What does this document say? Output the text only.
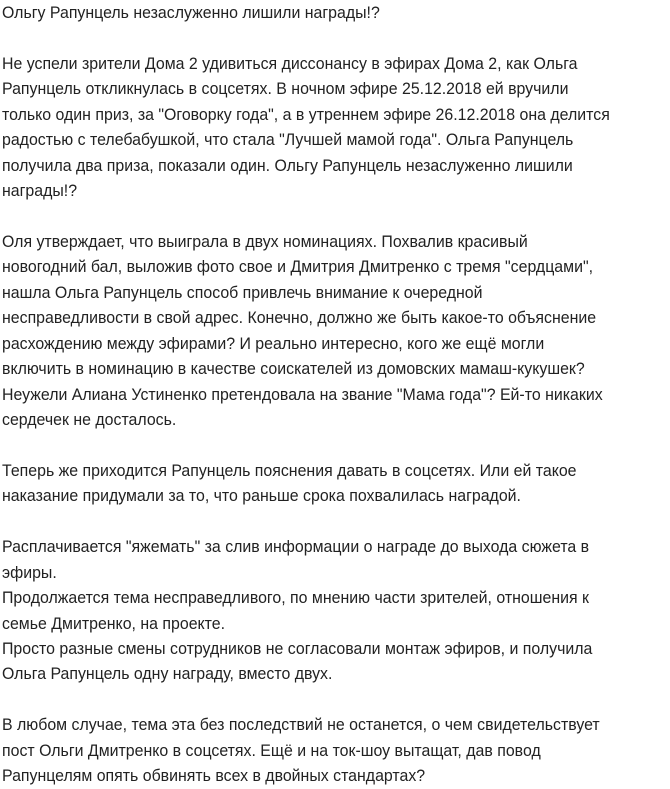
Ольгу Рапунцель незаслуженно лишили награды!?

Не успели зрители Дома 2 удивиться диссонансу в эфирах Дома 2, как Ольга
Рапунцель откликнулась в соцсетях. В ночном эфире 25.12.2018 ей вручили
только один приз, за "Оговорку года", а в утреннем эфире 26.12.2018 она делится
радостью с телебабушкой, что стала "Лучшей мамой года". Ольга Рапунцель
получила два приза, показали один. Ольгу Рапунцель незаслуженно лишили
награды!?

Оля утверждает, что выиграла в двух номинациях. Похвалив красивый
новогодний бал, выложив фото свое и Дмитрия Дмитренко с тремя "сердцами",
нашла Ольга Рапунцель способ привлечь внимание к очередной
несправедливости в свой адрес. Конечно, должно же быть какое-то объяснение
расхождению между эфирами? И реально интересно, кого же ещё могли
включить в номинацию в качестве соискателей из домовских мамаш-кукушек?
Неужели Алиана Устиненко претендовала на звание "Мама года"? Ей-то никаких
сердечек не досталось.

Теперь же приходится Рапунцель пояснения давать в соцсетях. Или ей такое
наказание придумали за то, что раньше срока похвалилась наградой.

Расплачивается "яжемать" за слив информации о награде до выхода сюжета в
эфиры.
Продолжается тема несправедливого, по мнению части зрителей, отношения к
семье Дмитренко, на проекте.
Просто разные смены сотрудников не согласовали монтаж эфиров, и получила
Ольга Рапунцель одну награду, вместо двух.

В любом случае, тема эта без последствий не останется, о чем свидетельствует
пост Ольги Дмитренко в соцсетях. Ещё и на ток-шоу вытащат, дав повод
Рапунцелям опять обвинять всех в двойных стандартах?
